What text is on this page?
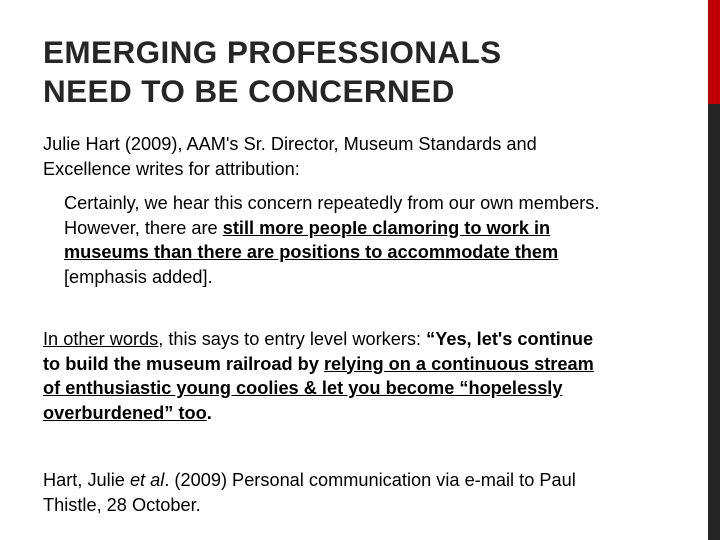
EMERGING PROFESSIONALS
NEED TO BE CONCERNED
Julie Hart (2009), AAM's Sr. Director, Museum Standards and
Excellence writes for attribution:
Certainly, we hear this concern repeatedly from our own members.
However, there are still more peopIe clamoring to work in
museums than there are positions to accommodate them
[emphasis added].
In other words, this says to entry level workers: “Yes, let's continue
to build the museum railroad by relying on a continuous stream
of enthusiastic young coolies & let you become “hopelessly
overburdened” too.
Hart, Julie et al. (2009) Personal communication via e-mail to Paul
Thistle, 28 October.
